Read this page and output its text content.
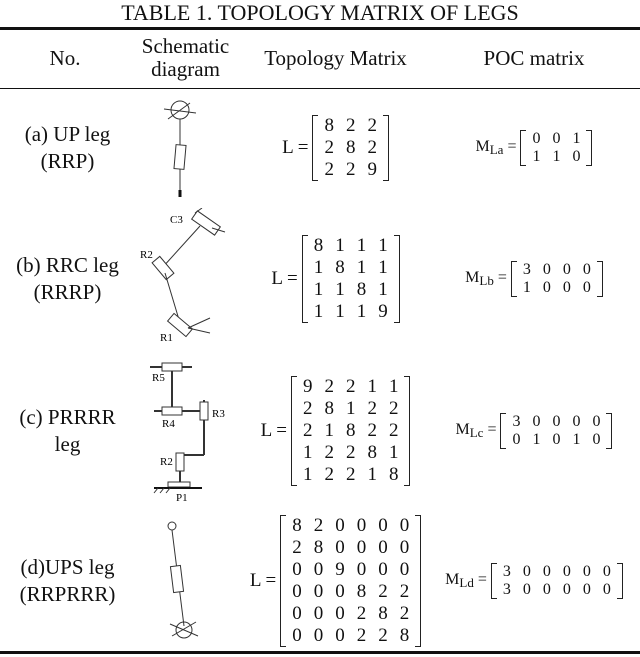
TABLE 1. TOPOLOGY MATRIX OF LEGS
No.	Schematic diagram	Topology Matrix	POC matrix
(a) UP leg (RRP)
L =
8	2	2
2	8	2
2	2	9
$M_{La} = 0$	0	1
1	1	0
(b) RRC leg (RRRP)
L =
8	1	1	1
1	8	1	1
1	1	8	1
1	1	1	9
$M_{Lb} = 3$	0	0	0
1	0	0	0
(c) PRRRR leg
L =
9	2	2	1	1
2	8	1	2	2
2	1	8	2	2
1	2	2	8	1
1	2	2	1	8
$M_{Lc} = 3$	0	0	0	0
0	1	0	1	0
(d)UPS leg (RRPRRR)
L =
8	2	0	0	0	0
2	8	0	0	0	0
0	0	9	0	0	0
0	0	0	8	2	2
0	0	0	2	8	2
0	0	0	2	2	8
$M_{Ld} = 3$	0	0	0	0	0
3	0	0	0	0	0
C3
R2
R1
R5
R4
R3
R2
P1
